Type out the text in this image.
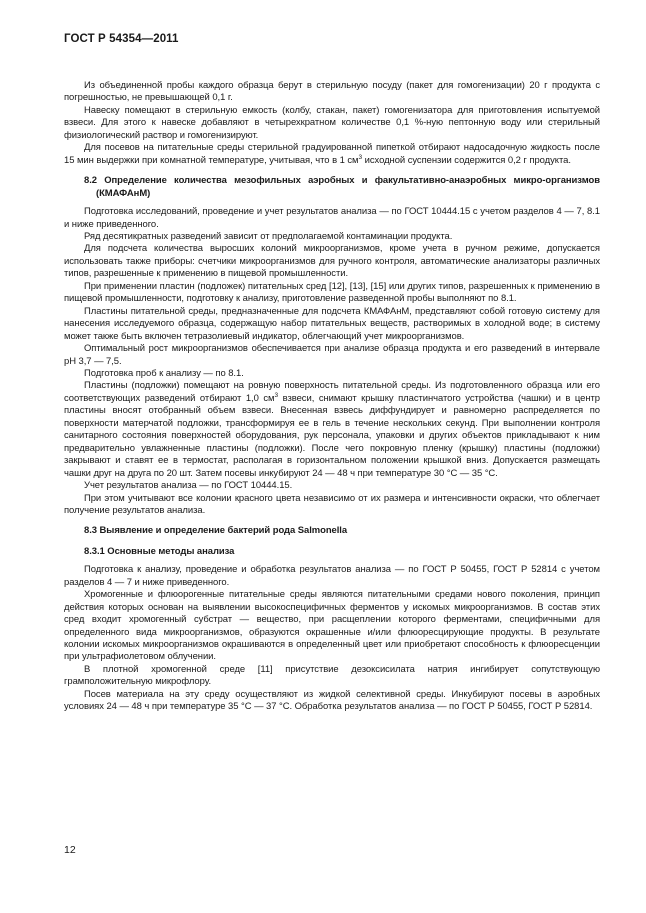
ГОСТ Р 54354—2011

Из объединенной пробы каждого образца берут в стерильную посуду (пакет для гомогенизации) 20 г продукта с погрешностью, не превышающей 0,1 г.

Навеску помещают в стерильную емкость (колбу, стакан, пакет) гомогенизатора для приготовления испытуемой взвеси. Для этого к навеске добавляют в четырехкратном количестве 0,1 %-ную пептонную воду или стерильный физиологический раствор и гомогенизируют.

Для посевов на питательные среды стерильной градуированной пипеткой отбирают надосадочную жидкость после 15 мин выдержки при комнатной температуре, учитывая, что в 1 $см^3$ исходной суспензии содержится 0,2 г продукта.

8.2 Определение количества мезофильных аэробных и факультативно-анаэробных микро-организмов (КМАФАнМ)

Подготовка исследований, проведение и учет результатов анализа — по ГОСТ 10444.15 с учетом разделов 4 — 7, 8.1 и ниже приведенного.

Ряд десятикратных разведений зависит от предполагаемой контаминации продукта.

Для подсчета количества выросших колоний микроорганизмов, кроме учета в ручном режиме, допускается использовать также приборы: счетчики микроорганизмов для ручного контроля, автоматические анализаторы различных типов, разрешенные к применению в пищевой промышленности.

При применении пластин (подложек) питательных сред [12], [13], [15] или других типов, разрешенных к применению в пищевой промышленности, подготовку к анализу, приготовление разведенной пробы выполняют по 8.1.

Пластины питательной среды, предназначенные для подсчета КМАФАнМ, представляют собой готовую систему для нанесения исследуемого образца, содержащую набор питательных веществ, растворимых в холодной воде; в систему может также быть включен тетразолиевый индикатор, облегчающий учет микроорганизмов.

Оптимальный рост микроорганизмов обеспечивается при анализе образца продукта и его разведений в интервале pH 3,7 — 7,5.

Подготовка проб к анализу — по 8.1.

Пластины (подложки) помещают на ровную поверхность питательной среды. Из подготовленного образца или его соответствующих разведений отбирают 1,0 $см^3$ взвеси, снимают крышку пластинчатого устройства (чашки) и в центр пластины вносят отобранный объем взвеси. Внесенная взвесь диффундирует и равномерно распределяется по поверхности матерчатой подложки, трансформируя ее в гель в течение нескольких секунд. При выполнении контроля санитарного состояния поверхностей оборудования, рук персонала, упаковки и других объектов прикладывают к ним предварительно увлажненные пластины (подложки). После чего покровную пленку (крышку) пластины (подложки) закрывают и ставят ее в термостат, располагая в горизонтальном положении крышкой вниз. Допускается размещать чашки друг на друга по 20 шт. Затем посевы инкубируют 24 — 48 ч при температуре 30 °С — 35 °С.

Учет результатов анализа — по ГОСТ 10444.15.

При этом учитывают все колонии красного цвета независимо от их размера и интенсивности окраски, что облегчает получение результатов анализа.

8.3 Выявление и определение бактерий рода Salmonella
8.3.1 Основные методы анализа

Подготовка к анализу, проведение и обработка результатов анализа — по ГОСТ Р 50455, ГОСТ Р 52814 с учетом разделов 4 — 7 и ниже приведенного.

Хромогенные и флюорогенные питательные среды являются питательными средами нового поколения, принцип действия которых основан на выявлении высокоспецифичных ферментов у искомых микроорганизмов. В состав этих сред входит хромогенный субстрат — вещество, при расщеплении которого ферментами, специфичными для определенного вида микроорганизмов, образуются окрашенные и/или флюоресцирующие продукты. В результате колонии искомых микроорганизмов окрашиваются в определенный цвет или приобретают способность к флюоресценции при ультрафиолетовом облучении.

В плотной хромогенной среде [11] присутствие дезоксисилата натрия ингибирует сопутствующую грамположительную микрофлору.

Посев материала на эту среду осуществляют из жидкой селективной среды. Инкубируют посевы в аэробных условиях 24 — 48 ч при температуре 35 °С — 37 °С. Обработка результатов анализа — по ГОСТ Р 50455, ГОСТ Р 52814.

12
